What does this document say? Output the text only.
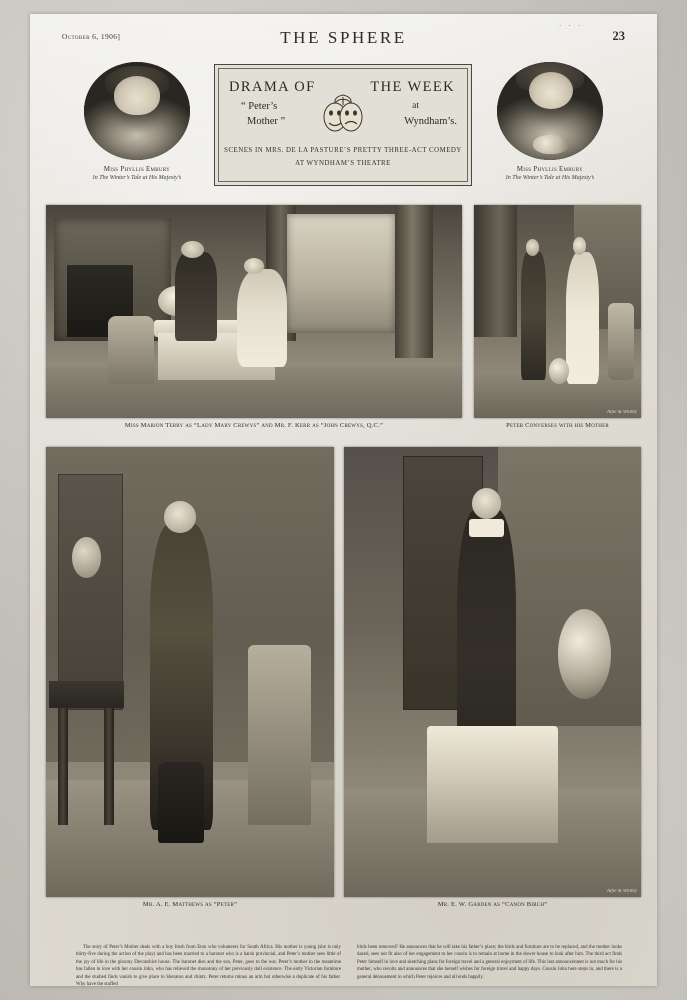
. . .
October 6, 1906]	THE SPHERE	23
Miss Phyllis Embury
In The Winter’s Tale at His Majesty’s
DRAMA OF	THE WEEK
“ Peter’s
Mother ”
at
Wyndham’s.
SCENES IN MRS. DE LA PASTURE’S PRETTY THREE-ACT COMEDY
AT WYNDHAM’S THEATRE
Miss Phyllis Embury
In The Winter’s Tale at His Majesty’s
Miss Marion Terry as “Lady Mary Crewys” and Mr. F. Kerr as “John Crewys, Q.C.”
Alfie & Whitby
Peter Converses with his Mother
Mr. A. E. Matthews as “Peter”
Alfie & Whitby
Mr. E. W. Garden as “Canon Birch”

The story of Peter’s Mother deals with a boy fresh from Eton who volunteers for South Africa. His mother is young (she is only thirty-five during the action of the play) and has been married to a baronet who is a harsh provincial, and Peter’s mother sees little of the joy of life in the gloomy Devonshire house. The baronet dies and the son, Peter, goes to the war. Peter’s mother in the meantime has fallen in love with her cousin John, who has relieved the monotony of her previously dull existence. The early Victorian furniture and the studied finds vanish to give place to Sheraton and chintz. Peter returns minus an arm but otherwise a duplicate of his father. Why have the stuffed

birds been removed? He announces that he will take his father’s place; the birds and furniture are to be replaced, and the mother looks dazed, sees not fit also of her engagement to her cousin is to remain at home in the dower house to look after him. The third act finds Peter himself in love and sketching plans for foreign travel and a general enjoyment of life. This last announcement is not much for his mother, who revolts and announces that she herself wishes for foreign travel and happy days. Cousin John here steps in, and there is a general dénouement in which Peter rejoices and all ends happily.
